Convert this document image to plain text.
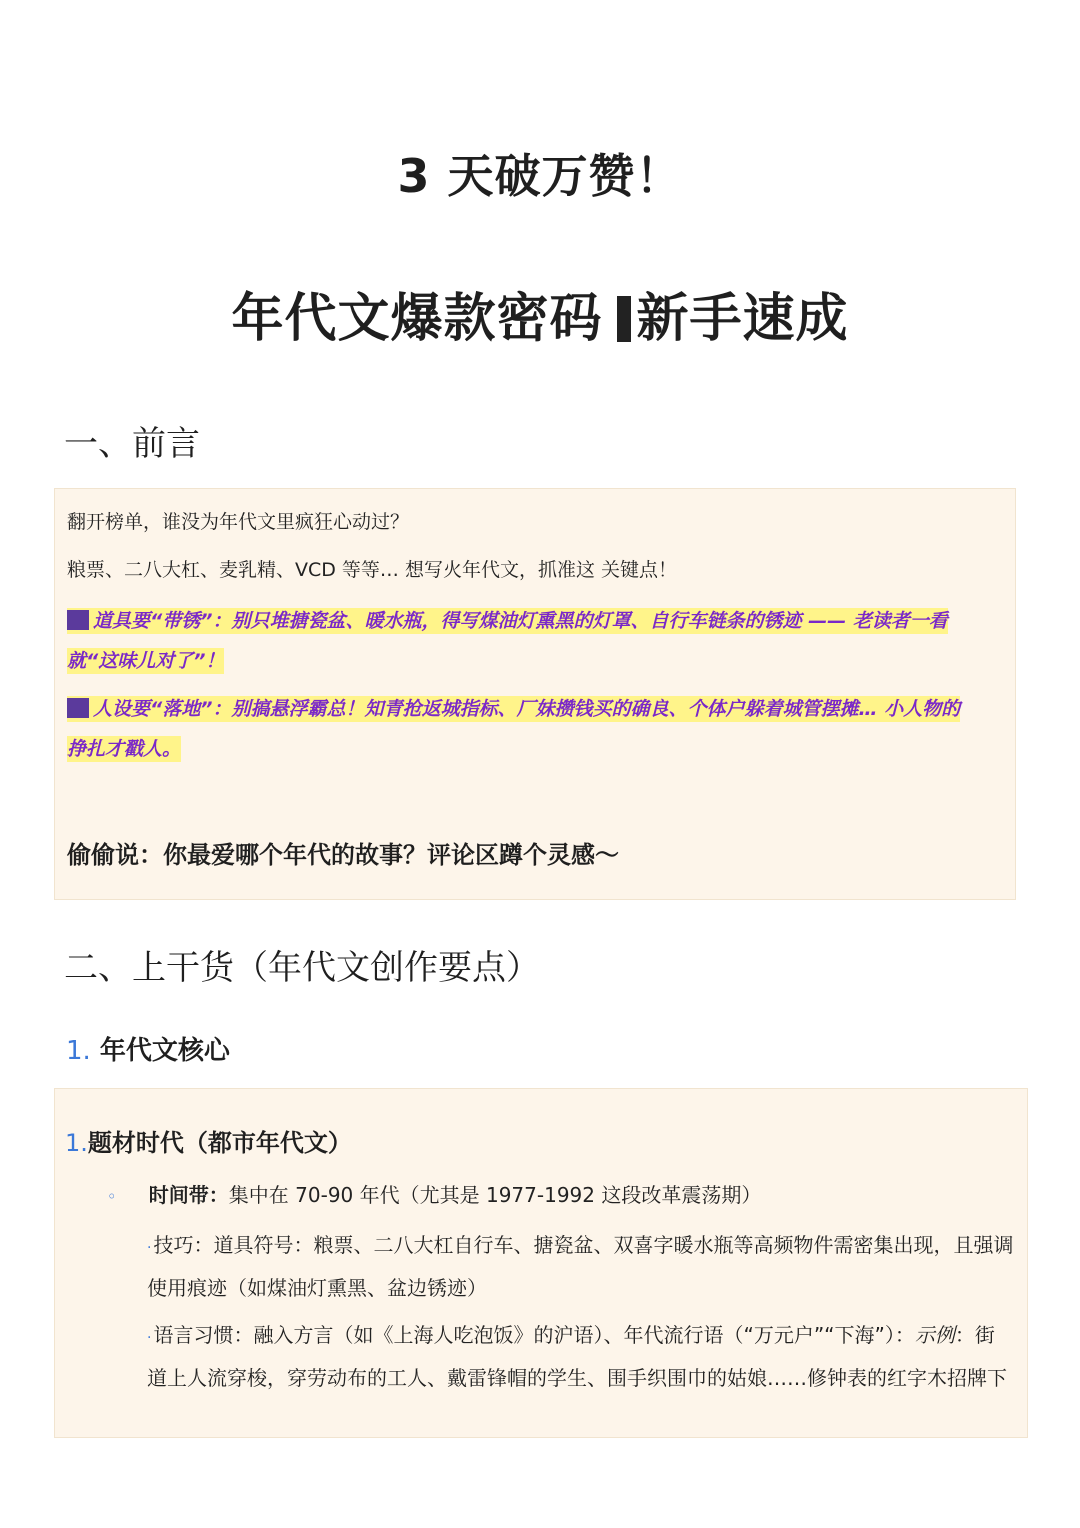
3 天破万赞！
年代文爆款密码 新手速成
一、前言
翻开榜单，谁没为年代文里疯狂心动过？
粮票、二八大杠、麦乳精、VCD 等等… 想写火年代文，抓准这 关键点！
道具要“带锈”：别只堆搪瓷盆、暖水瓶，得写煤油灯熏黑的灯罩、自行车链条的锈迹 —— 老读者一看
就“这味儿对了”！
人设要“落地”：别搞悬浮霸总！知青抢返城指标、厂妹攒钱买的确良、个体户躲着城管摆摊… 小人物的
挣扎才戳人。
偷偷说：你最爱哪个年代的故事？评论区蹲个灵感～
二、上干货（年代文创作要点）
1. 年代文核心
1.题材时代（都市年代文）
◦ 时间带：集中在 70-90 年代（尤其是 1977-1992 这段改革震荡期）
· 技巧：道具符号：粮票、二八大杠自行车、搪瓷盆、双喜字暖水瓶等高频物件需密集出现，且强调
使用痕迹（如煤油灯熏黑、盆边锈迹）
· 语言习惯：融入方言（如《上海人吃泡饭》的沪语）、年代流行语（“万元户”“下海”）：示例：街
道上人流穿梭，穿劳动布的工人、戴雷锋帽的学生、围手织围巾的姑娘……修钟表的红字木招牌下
